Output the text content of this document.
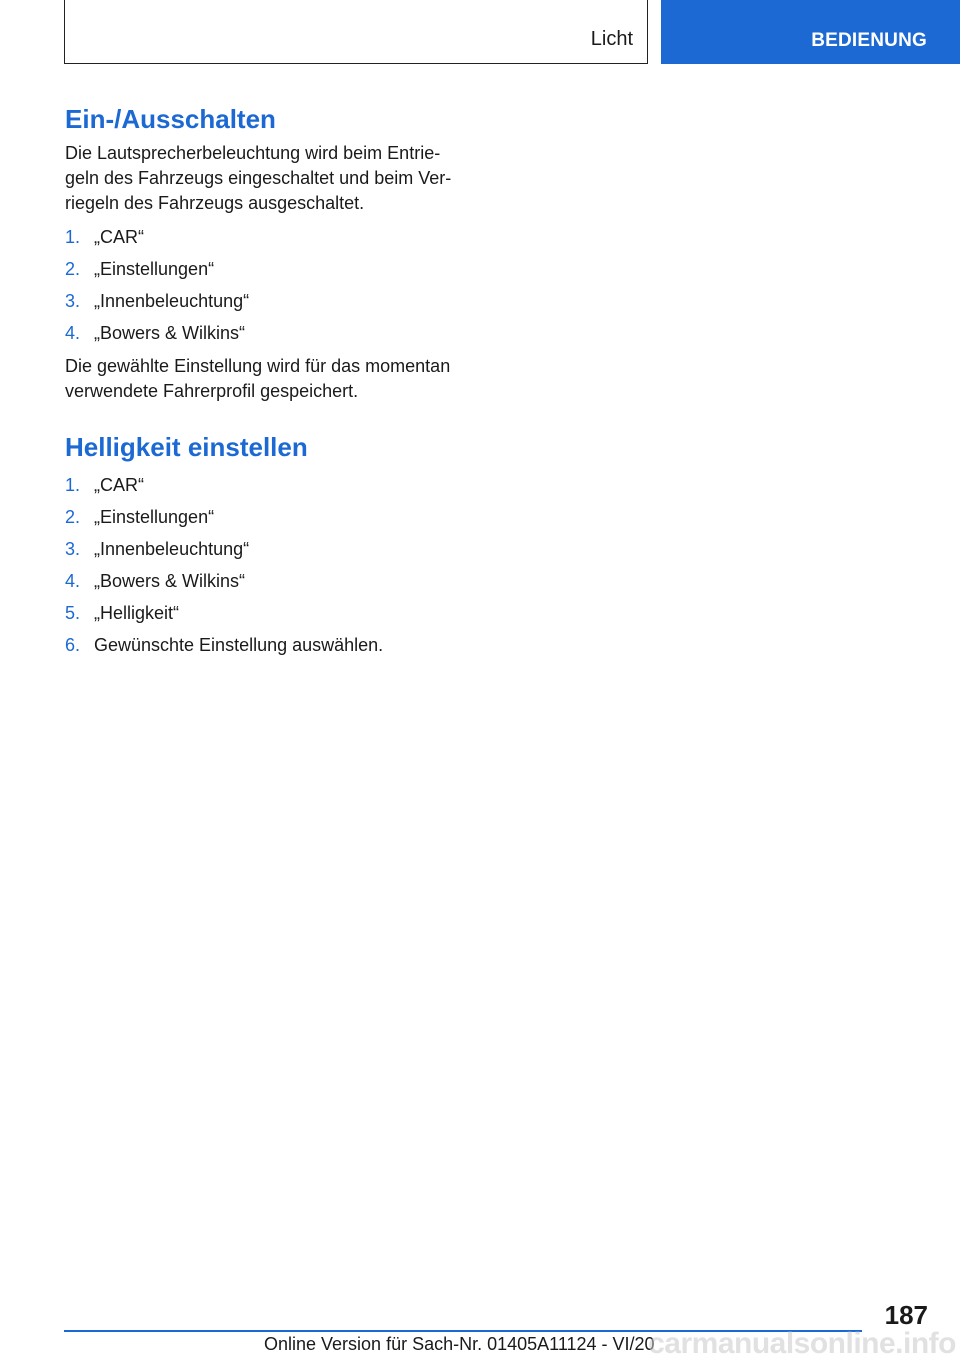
Licht	BEDIENUNG
Ein-/Ausschalten

Die Lautsprecherbeleuchtung wird beim Entrie-
geln des Fahrzeugs eingeschaltet und beim Ver-
riegeln des Fahrzeugs ausgeschaltet.

1. „CAR“
2. „Einstellungen“
3. „Innenbeleuchtung“
4. „Bowers & Wilkins“

Die gewählte Einstellung wird für das momentan
verwendete Fahrerprofil gespeichert.

Helligkeit einstellen
1. „CAR“
2. „Einstellungen“
3. „Innenbeleuchtung“
4. „Bowers & Wilkins“
5. „Helligkeit“
6. Gewünschte Einstellung auswählen.
187
Online Version für Sach-Nr. 01405A11124 - VI/20
carmanualsonline.info
